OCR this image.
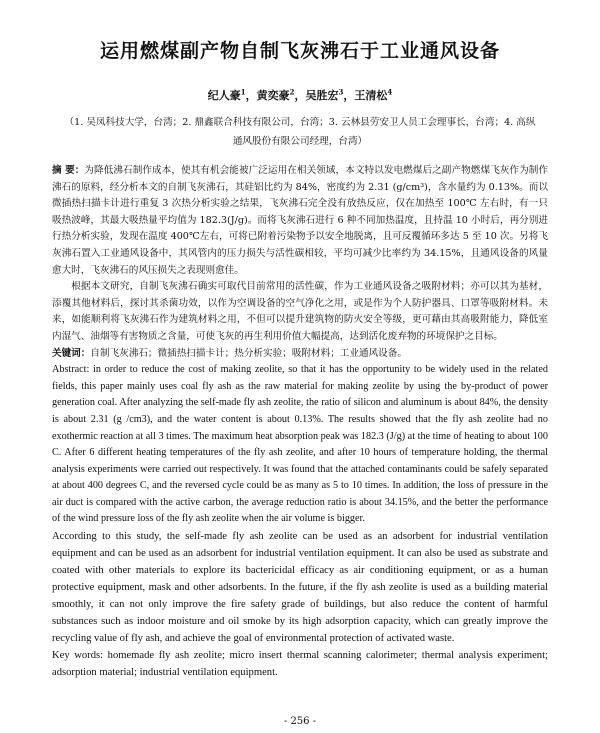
运用燃煤副产物自制飞灰沸石于工业通风设备
纪人豪$^1$，黄奕豪$^2$，吴胜宏$^3$，王清松$^4$
（1. 吴凤科技大学，台湾；2. 鼎鑫联合科技有限公司，台湾；3. 云林县劳安卫人员工会理事长，台湾；4. 高纵通风股份有限公司经理，台湾）

摘 要：为降低沸石制作成本，使其有机会能被广泛运用在相关领域，本文特以发电燃煤后之副产物燃煤飞灰作为制作沸石的原料，经分析本文的自制飞灰沸石，其硅铝比约为 84%，密度约为 2.31 (g/cm³)，含水量约为 0.13%。而以微插热扫描卡计进行重复 3 次热分析实验之结果，飞灰沸石完全没有放热反应，仅在加热至 100℃ 左右时，有一只吸热波峰，其最大吸热量平均值为 182.3(J/g)。而将飞灰沸石进行 6 种不同加热温度，且持温 10 小时后，再分别进行热分析实验，发现在温度 400℃左右，可将已附着污染物予以安全地脱离，且可反覆循环多达 5 至 10 次。另将飞灰沸石置入工业通风设备中，其风管内的压力损失与活性碳相较，平均可减少比率约为 34.15%，且通风设备的风量愈大时，飞灰沸石的风压损失之表现则愈佳。

根据本文研究，自制飞灰沸石确实可取代目前常用的活性碳，作为工业通风设备之吸附材料；亦可以其为基材，添覆其他材料后，探讨其杀菌功效，以作为空调设备的空气净化之用，或是作为个人防护器具、口罩等吸附材料。未来，如能顺利将飞灰沸石作为建筑材料之用，不但可以提升建筑物的防火安全等级，更可藉由其高吸附能力，降低室内湿气、油烟等有害物质之含量，可使飞灰的再生利用价值大幅提高，达到活化废弃物的环境保护之目标。

关键词：自制飞灰沸石；微插热扫描卡计；热分析实验；吸附材料；工业通风设备。

Abstract: in order to reduce the cost of making zeolite, so that it has the opportunity to be widely used in the related fields, this paper mainly uses coal fly ash as the raw material for making zeolite by using the by-product of power generation coal. After analyzing the self-made fly ash zeolite, the ratio of silicon and aluminum is about 84%, the density is about 2.31 (g /cm3), and the water content is about 0.13%. The results showed that the fly ash zeolite had no exothermic reaction at all 3 times. The maximum heat absorption peak was 182.3 (J/g) at the time of heating to about 100 C. After 6 different heating temperatures of the fly ash zeolite, and after 10 hours of temperature holding, the thermal analysis experiments were carried out respectively. It was found that the attached contaminants could be safely separated at about 400 degrees C, and the reversed cycle could be as many as 5 to 10 times. In addition, the loss of pressure in the air duct is compared with the active carbon, the average reduction ratio is about 34.15%, and the better the performance of the wind pressure loss of the fly ash zeolite when the air volume is bigger.

According to this study, the self-made fly ash zeolite can be used as an adsorbent for industrial ventilation equipment and can be used as an adsorbent for industrial ventilation equipment. It can also be used as substrate and coated with other materials to explore its bactericidal efficacy as air conditioning equipment, or as a human protective equipment, mask and other adsorbents. In the future, if the fly ash zeolite is used as a building material smoothly, it can not only improve the fire safety grade of buildings, but also reduce the content of harmful substances such as indoor moisture and oil smoke by its high adsorption capacity, which can greatly improve the recycling value of fly ash, and achieve the goal of environmental protection of activated waste.

Key words: homemade fly ash zeolite; micro insert thermal scanning calorimeter; thermal analysis experiment; adsorption material; industrial ventilation equipment.

- 256 -
